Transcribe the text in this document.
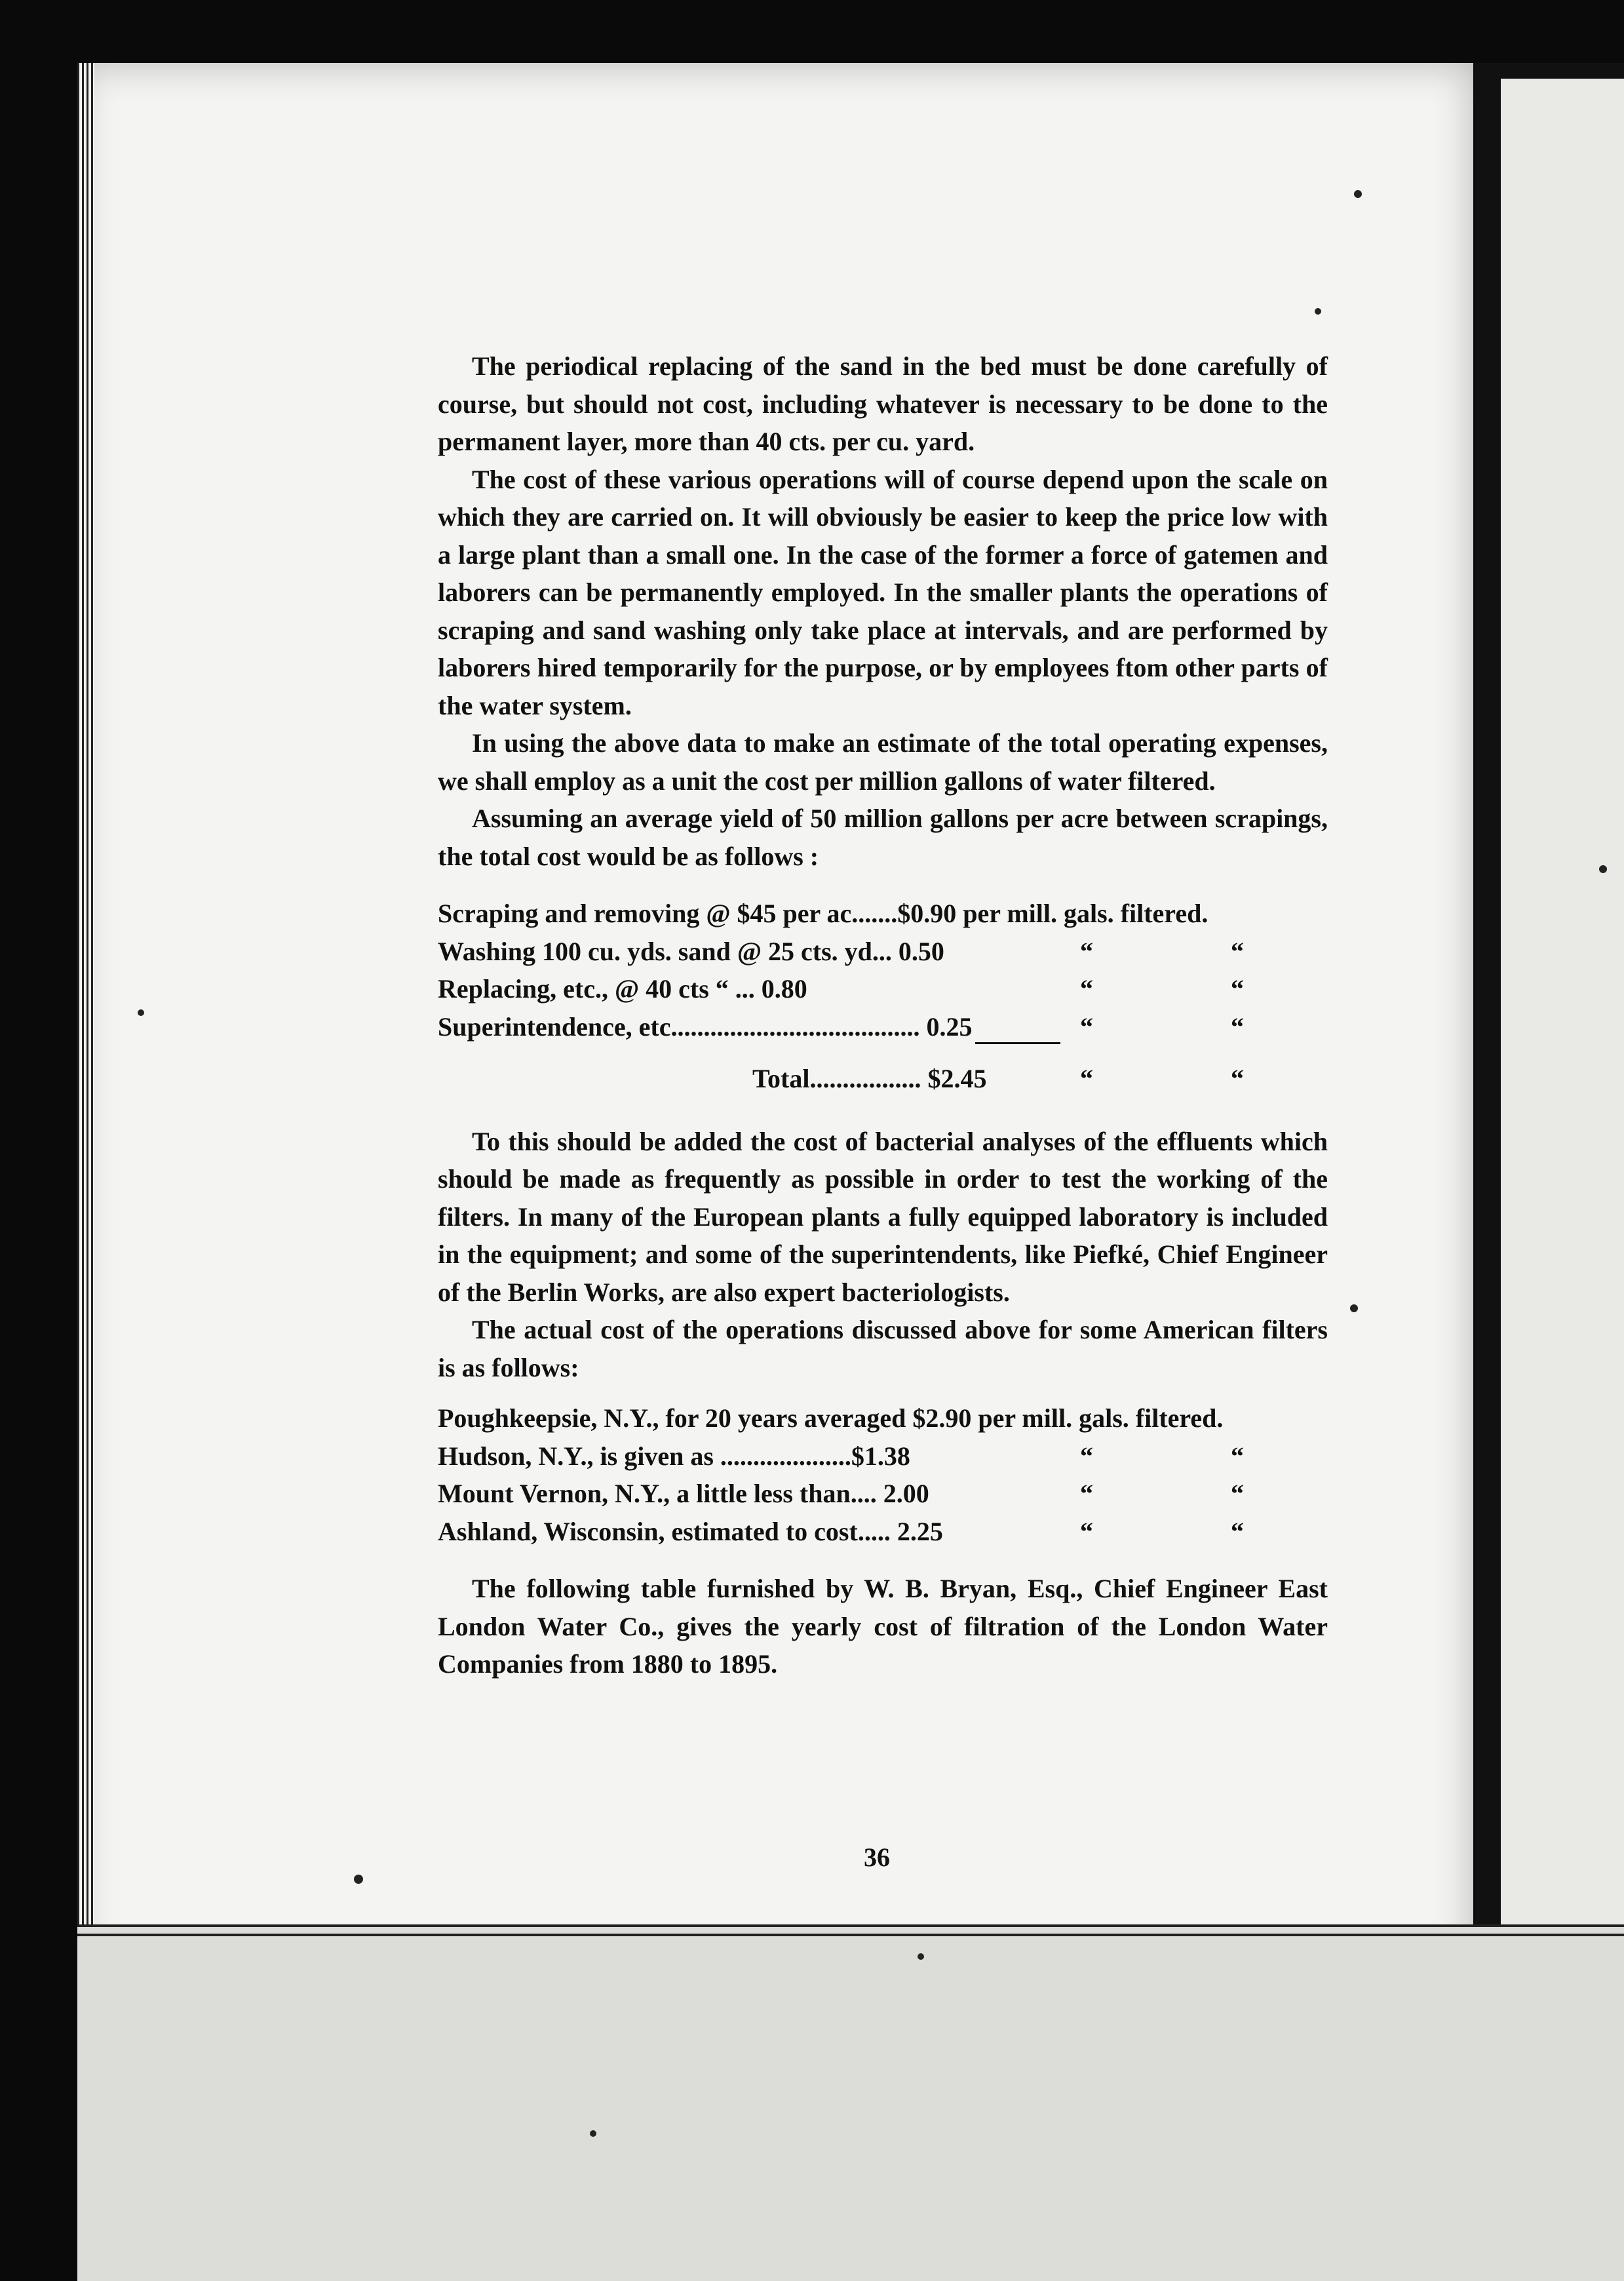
The periodical replacing of the sand in the bed must be done carefully of course, but should not cost, including whatever is necessary to be done to the permanent layer, more than 40 cts. per cu. yard.

The cost of these various operations will of course depend upon the scale on which they are carried on. It will obviously be easier to keep the price low with a large plant than a small one. In the case of the former a force of gatemen and laborers can be permanently employed. In the smaller plants the operations of scraping and sand washing only take place at intervals, and are performed by laborers hired temporarily for the purpose, or by employees ftom other parts of the water system.

In using the above data to make an estimate of the total operating expenses, we shall employ as a unit the cost per million gallons of water filtered.

Assuming an average yield of 50 million gallons per acre between scrapings, the total cost would be as follows :

Scraping and removing @ $45 per ac.......$0.90 per mill. gals. filtered.
Washing 100 cu. yds. sand @ 25 cts. yd... 0.50	“	“
Replacing, etc., @ 40 cts “ ... 0.80	“	“
Superintendence, etc...................................... 0.25	“	“
Total................. $2.45	“	“

To this should be added the cost of bacterial analyses of the effluents which should be made as frequently as possible in order to test the working of the filters. In many of the European plants a fully equipped laboratory is included in the equipment; and some of the superintendents, like Piefké, Chief Engineer of the Berlin Works, are also expert bacteriologists.

The actual cost of the operations discussed above for some American filters is as follows:

Poughkeepsie, N.Y., for 20 years averaged $2.90 per mill. gals. filtered.
Hudson, N.Y., is given as ....................$1.38	“	“
Mount Vernon, N.Y., a little less than.... 2.00	“	“
Ashland, Wisconsin, estimated to cost..... 2.25	“	“

The following table furnished by W. B. Bryan, Esq., Chief Engineer East London Water Co., gives the yearly cost of filtration of the London Water Companies from 1880 to 1895.

36
